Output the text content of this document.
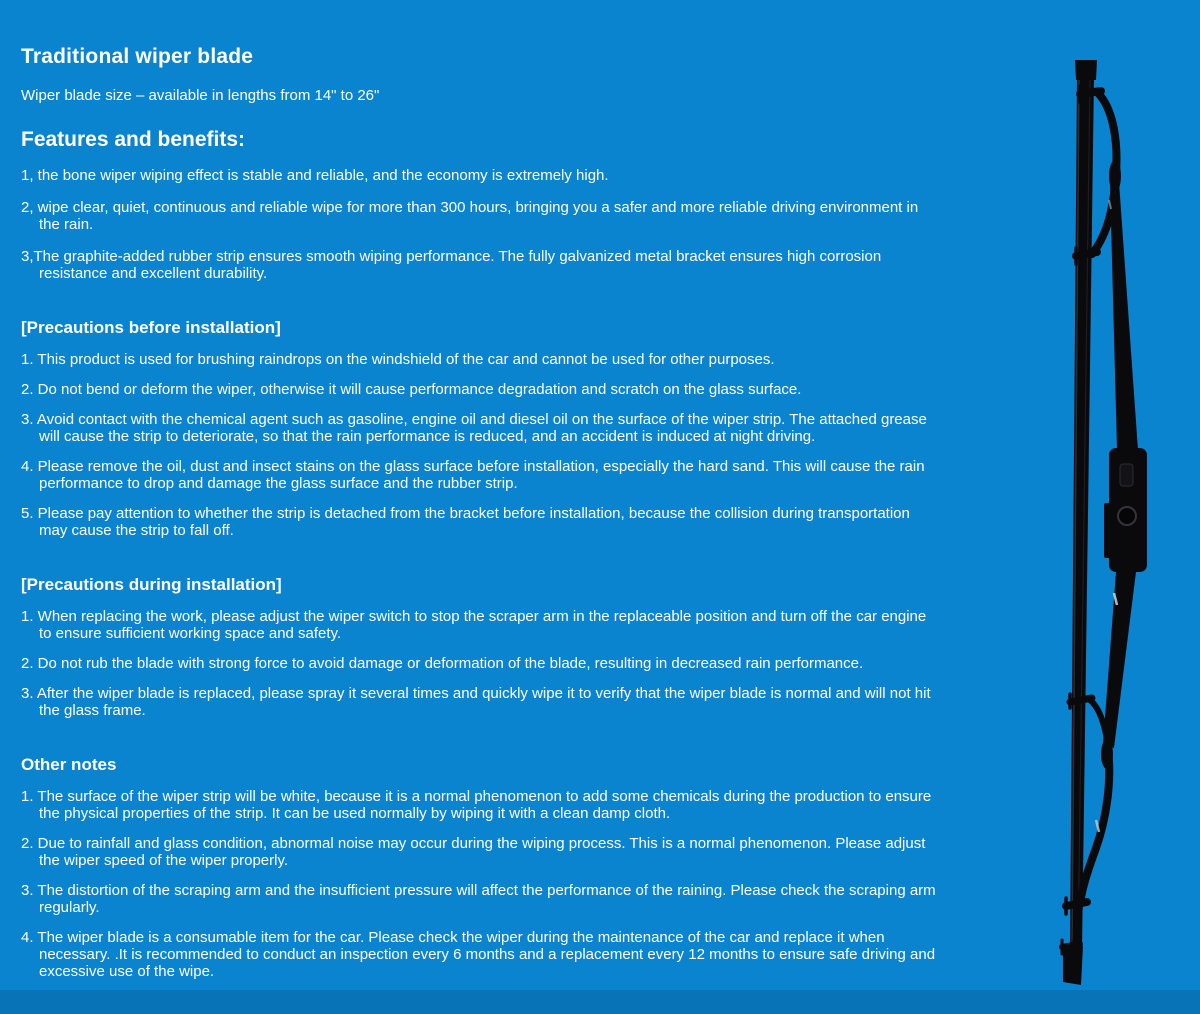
Traditional wiper blade

Wiper blade size – available in lengths from 14" to 26"

Features and benefits:

1, the bone wiper wiping effect is stable and reliable, and the economy is extremely high.

2, wipe clear, quiet, continuous and reliable wipe for more than 300 hours, bringing you a safer and more reliable driving environment in the rain.

3,The graphite-added rubber strip ensures smooth wiping performance. The fully galvanized metal bracket ensures high corrosion resistance and excellent durability.

[Precautions before installation]

1. This product is used for brushing raindrops on the windshield of the car and cannot be used for other purposes.

2. Do not bend or deform the wiper, otherwise it will cause performance degradation and scratch on the glass surface.

3. Avoid contact with the chemical agent such as gasoline, engine oil and diesel oil on the surface of the wiper strip. The attached grease will cause the strip to deteriorate, so that the rain performance is reduced, and an accident is induced at night driving.

4. Please remove the oil, dust and insect stains on the glass surface before installation, especially the hard sand. This will cause the rain performance to drop and damage the glass surface and the rubber strip.

5. Please pay attention to whether the strip is detached from the bracket before installation, because the collision during transportation may cause the strip to fall off.

[Precautions during installation]

1. When replacing the work, please adjust the wiper switch to stop the scraper arm in the replaceable position and turn off the car engine to ensure sufficient working space and safety.

2. Do not rub the blade with strong force to avoid damage or deformation of the blade, resulting in decreased rain performance.

3. After the wiper blade is replaced, please spray it several times and quickly wipe it to verify that the wiper blade is normal and will not hit the glass frame.

Other notes

1. The surface of the wiper strip will be white, because it is a normal phenomenon to add some chemicals during the production to ensure the physical properties of the strip. It can be used normally by wiping it with a clean damp cloth.

2. Due to rainfall and glass condition, abnormal noise may occur during the wiping process. This is a normal phenomenon. Please adjust the wiper speed of the wiper properly.

3. The distortion of the scraping arm and the insufficient pressure will affect the performance of the raining. Please check the scraping arm regularly.

4. The wiper blade is a consumable item for the car. Please check the wiper during the maintenance of the car and replace it when necessary. .It is recommended to conduct an inspection every 6 months and a replacement every 12 months to ensure safe driving and excessive use of the wipe.
